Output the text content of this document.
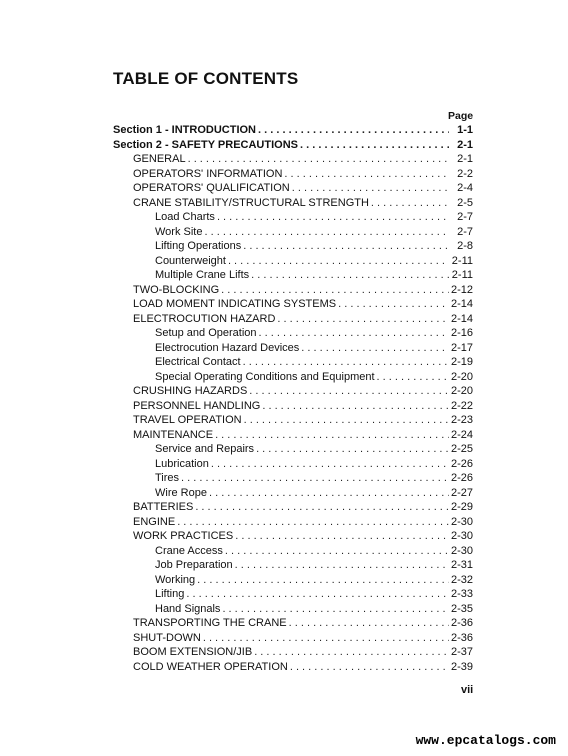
TABLE OF CONTENTS
Page
Section 1 - INTRODUCTION . . .	1-1
Section 2 - SAFETY PRECAUTIONS . . .	2-1
GENERAL . . .	2-1
OPERATORS' INFORMATION . . .	2-2
OPERATORS' QUALIFICATION . . .	2-4
CRANE STABILITY/STRUCTURAL STRENGTH . . .	2-5
Load Charts . . .	2-7
Work Site . . .	2-7
Lifting Operations . . .	2-8
Counterweight . . .	2-11
Multiple Crane Lifts . . .	2-11
TWO-BLOCKING . . .	2-12
LOAD MOMENT INDICATING SYSTEMS . . .	2-14
ELECTROCUTION HAZARD . . .	2-14
Setup and Operation . . .	2-16
Electrocution Hazard Devices . . .	2-17
Electrical Contact . . .	2-19
Special Operating Conditions and Equipment . . .	2-20
CRUSHING HAZARDS . . .	2-20
PERSONNEL HANDLING . . .	2-22
TRAVEL OPERATION . . .	2-23
MAINTENANCE . . .	2-24
Service and Repairs . . .	2-25
Lubrication . . .	2-26
Tires . . .	2-26
Wire Rope . . .	2-27
BATTERIES . . .	2-29
ENGINE . . .	2-30
WORK PRACTICES . . .	2-30
Crane Access . . .	2-30
Job Preparation . . .	2-31
Working . . .	2-32
Lifting . . .	2-33
Hand Signals . . .	2-35
TRANSPORTING THE CRANE . . .	2-36
SHUT-DOWN . . .	2-36
BOOM EXTENSION/JIB . . .	2-37
COLD WEATHER OPERATION . . .	2-39
vii
www.epcatalogs.com
